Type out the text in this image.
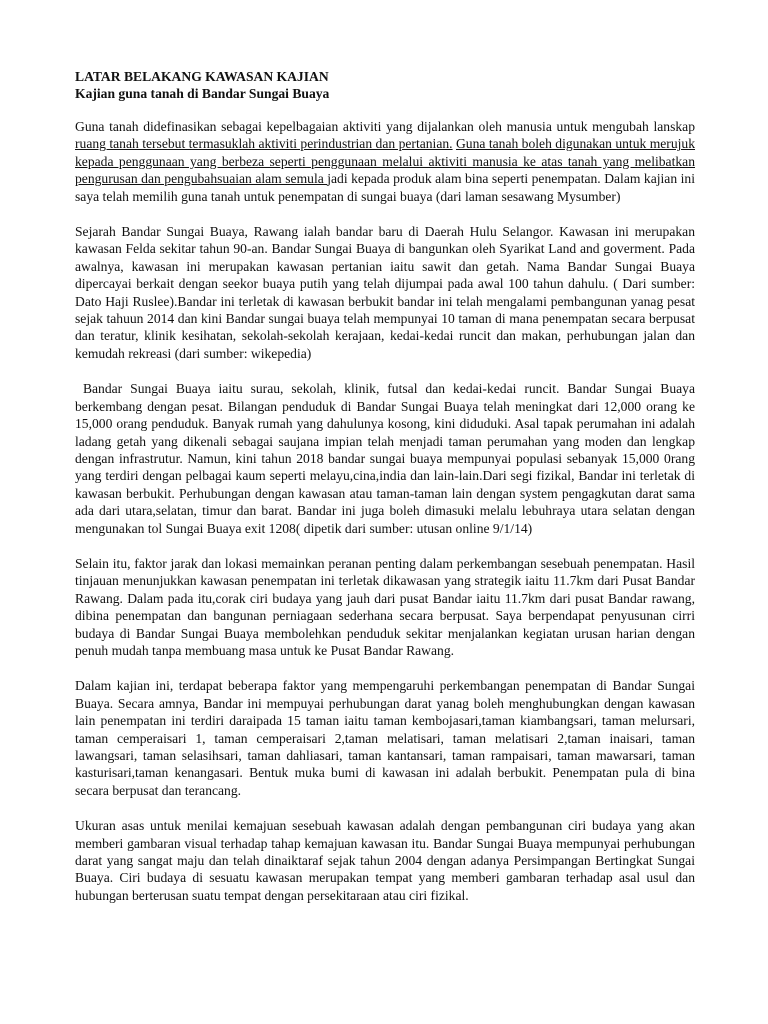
LATAR BELAKANG KAWASAN KAJIAN

Kajian guna tanah di Bandar Sungai Buaya

Guna tanah didefinasikan sebagai kepelbagaian aktiviti yang dijalankan oleh manusia untuk mengubah lanskap ruang tanah tersebut termasuklah aktiviti perindustrian dan pertanian. Guna tanah boleh digunakan untuk merujuk kepada penggunaan yang berbeza seperti penggunaan melalui aktiviti manusia ke atas tanah yang melibatkan pengurusan dan pengubahsuaian alam semula jadi kepada produk alam bina seperti penempatan. Dalam kajian ini saya telah memilih guna tanah untuk penempatan di sungai buaya (dari laman sesawang Mysumber)

Sejarah Bandar Sungai Buaya, Rawang ialah bandar baru di Daerah Hulu Selangor. Kawasan ini merupakan kawasan Felda sekitar tahun 90-an. Bandar Sungai Buaya di bangunkan oleh Syarikat Land and goverment. Pada awalnya, kawasan ini merupakan kawasan pertanian iaitu sawit dan getah. Nama Bandar Sungai Buaya dipercayai berkait dengan seekor buaya putih yang telah dijumpai pada awal 100 tahun dahulu. ( Dari sumber: Dato Haji Ruslee).Bandar ini terletak di kawasan berbukit bandar ini telah mengalami pembangunan yanag pesat sejak tahuun 2014 dan kini Bandar sungai buaya telah mempunyai 10 taman di mana penempatan secara berpusat dan teratur, klinik kesihatan, sekolah-sekolah kerajaan, kedai-kedai runcit dan makan, perhubungan jalan dan kemudah rekreasi (dari sumber: wikepedia)

Bandar Sungai Buaya iaitu surau, sekolah, klinik, futsal dan kedai-kedai runcit. Bandar Sungai Buaya berkembang dengan pesat. Bilangan penduduk di Bandar Sungai Buaya telah meningkat dari 12,000 orang ke 15,000 orang penduduk. Banyak rumah yang dahulunya kosong, kini diduduki. Asal tapak perumahan ini adalah ladang getah yang dikenali sebagai saujana impian telah menjadi taman perumahan yang moden dan lengkap dengan infrastrutur. Namun, kini tahun 2018 bandar sungai buaya mempunyai populasi sebanyak 15,000 0rang yang terdiri dengan pelbagai kaum seperti melayu,cina,india dan lain-lain.Dari segi fizikal, Bandar ini terletak di kawasan berbukit. Perhubungan dengan kawasan atau taman-taman lain dengan system pengagkutan darat sama ada dari utara,selatan, timur dan barat. Bandar ini juga boleh dimasuki melalu lebuhraya utara selatan dengan mengunakan tol Sungai Buaya exit 1208( dipetik dari sumber: utusan online 9/1/14)

Selain itu, faktor jarak dan lokasi memainkan peranan penting dalam perkembangan sesebuah penempatan. Hasil tinjauan menunjukkan kawasan penempatan ini terletak dikawasan yang strategik iaitu 11.7km dari Pusat Bandar Rawang. Dalam pada itu,corak ciri budaya yang jauh dari pusat Bandar iaitu 11.7km dari pusat Bandar rawang, dibina penempatan dan bangunan perniagaan sederhana secara berpusat. Saya berpendapat penyusunan cirri budaya di Bandar Sungai Buaya membolehkan penduduk sekitar menjalankan kegiatan urusan harian dengan penuh mudah tanpa membuang masa untuk ke Pusat Bandar Rawang.

Dalam kajian ini, terdapat beberapa faktor yang mempengaruhi perkembangan penempatan di Bandar Sungai Buaya. Secara amnya, Bandar ini mempuyai perhubungan darat yanag boleh menghubungkan dengan kawasan lain penempatan ini terdiri daraipada 15 taman iaitu taman kembojasari,taman kiambangsari, taman melursari, taman cemperaisari 1, taman cemperaisari 2,taman melatisari, taman melatisari 2,taman inaisari, taman lawangsari, taman selasihsari, taman dahliasari, taman kantansari, taman rampaisari, taman mawarsari, taman kasturisari,taman kenangasari. Bentuk muka bumi di kawasan ini adalah berbukit. Penempatan pula di bina secara berpusat dan terancang.

Ukuran asas untuk menilai kemajuan sesebuah kawasan adalah dengan pembangunan ciri budaya yang akan memberi gambaran visual terhadap tahap kemajuan kawasan itu. Bandar Sungai Buaya mempunyai perhubungan darat yang sangat maju dan telah dinaiktaraf sejak tahun 2004 dengan adanya Persimpangan Bertingkat Sungai Buaya. Ciri budaya di sesuatu kawasan merupakan tempat yang memberi gambaran terhadap asal usul dan hubungan berterusan suatu tempat dengan persekitaraan atau ciri fizikal.
